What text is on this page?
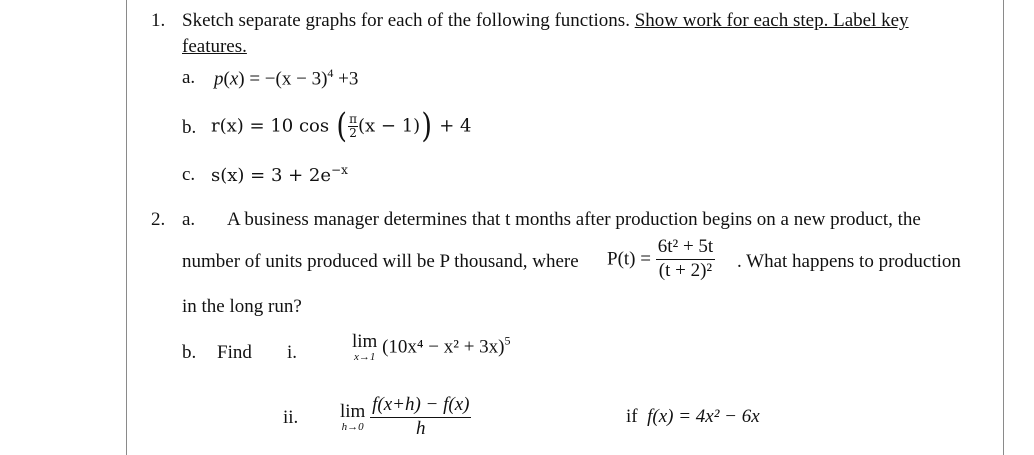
1. Sketch separate graphs for each of the following functions. Show work for each step. Label key
features.
a. $p(x) = -(x - 3)^4 +3$
b. r(x) = 10 cos ( $\frac{\pi}{2} (x - 1)) + 4$
c. $s(x) = 3 + 2e^{-x}$
2. a. A business manager determines that t months after production begins on a new product, the
number of units produced will be P thousand, where $P(t) = \frac{\text{6t² + 5t}}{\text{(t + 2)²}}$ . What happens to production
in the long run?
b. Find i.
lim
x→1 $(10x^4 - x^2 + 3x)^5$
ii. lim
h→0
$\frac{f(x+h) - f(x)}{h}$	if f(x) = 4x² − 6x
